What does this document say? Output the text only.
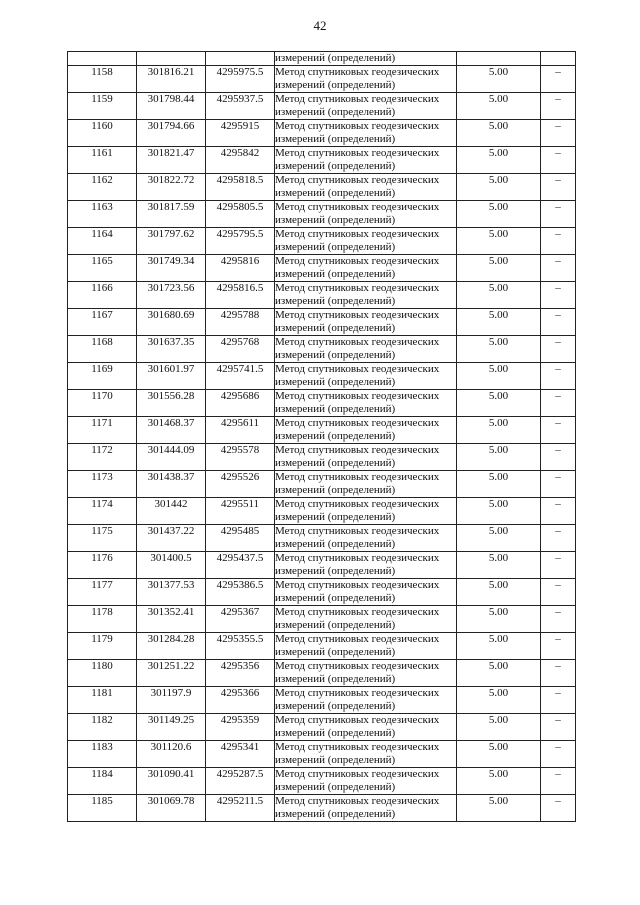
42
			измерений (определений)		
1158	301816.21	4295975.5	Метод спутниковых геодезических
измерений (определений)	5.00	–
1159	301798.44	4295937.5	Метод спутниковых геодезических
измерений (определений)	5.00	–
1160	301794.66	4295915	Метод спутниковых геодезических
измерений (определений)	5.00	–
1161	301821.47	4295842	Метод спутниковых геодезических
измерений (определений)	5.00	–
1162	301822.72	4295818.5	Метод спутниковых геодезических
измерений (определений)	5.00	–
1163	301817.59	4295805.5	Метод спутниковых геодезических
измерений (определений)	5.00	–
1164	301797.62	4295795.5	Метод спутниковых геодезических
измерений (определений)	5.00	–
1165	301749.34	4295816	Метод спутниковых геодезических
измерений (определений)	5.00	–
1166	301723.56	4295816.5	Метод спутниковых геодезических
измерений (определений)	5.00	–
1167	301680.69	4295788	Метод спутниковых геодезических
измерений (определений)	5.00	–
1168	301637.35	4295768	Метод спутниковых геодезических
измерений (определений)	5.00	–
1169	301601.97	4295741.5	Метод спутниковых геодезических
измерений (определений)	5.00	–
1170	301556.28	4295686	Метод спутниковых геодезических
измерений (определений)	5.00	–
1171	301468.37	4295611	Метод спутниковых геодезических
измерений (определений)	5.00	–
1172	301444.09	4295578	Метод спутниковых геодезических
измерений (определений)	5.00	–
1173	301438.37	4295526	Метод спутниковых геодезических
измерений (определений)	5.00	–
1174	301442	4295511	Метод спутниковых геодезических
измерений (определений)	5.00	–
1175	301437.22	4295485	Метод спутниковых геодезических
измерений (определений)	5.00	–
1176	301400.5	4295437.5	Метод спутниковых геодезических
измерений (определений)	5.00	–
1177	301377.53	4295386.5	Метод спутниковых геодезических
измерений (определений)	5.00	–
1178	301352.41	4295367	Метод спутниковых геодезических
измерений (определений)	5.00	–
1179	301284.28	4295355.5	Метод спутниковых геодезических
измерений (определений)	5.00	–
1180	301251.22	4295356	Метод спутниковых геодезических
измерений (определений)	5.00	–
1181	301197.9	4295366	Метод спутниковых геодезических
измерений (определений)	5.00	–
1182	301149.25	4295359	Метод спутниковых геодезических
измерений (определений)	5.00	–
1183	301120.6	4295341	Метод спутниковых геодезических
измерений (определений)	5.00	–
1184	301090.41	4295287.5	Метод спутниковых геодезических
измерений (определений)	5.00	–
1185	301069.78	4295211.5	Метод спутниковых геодезических
измерений (определений)	5.00	–
